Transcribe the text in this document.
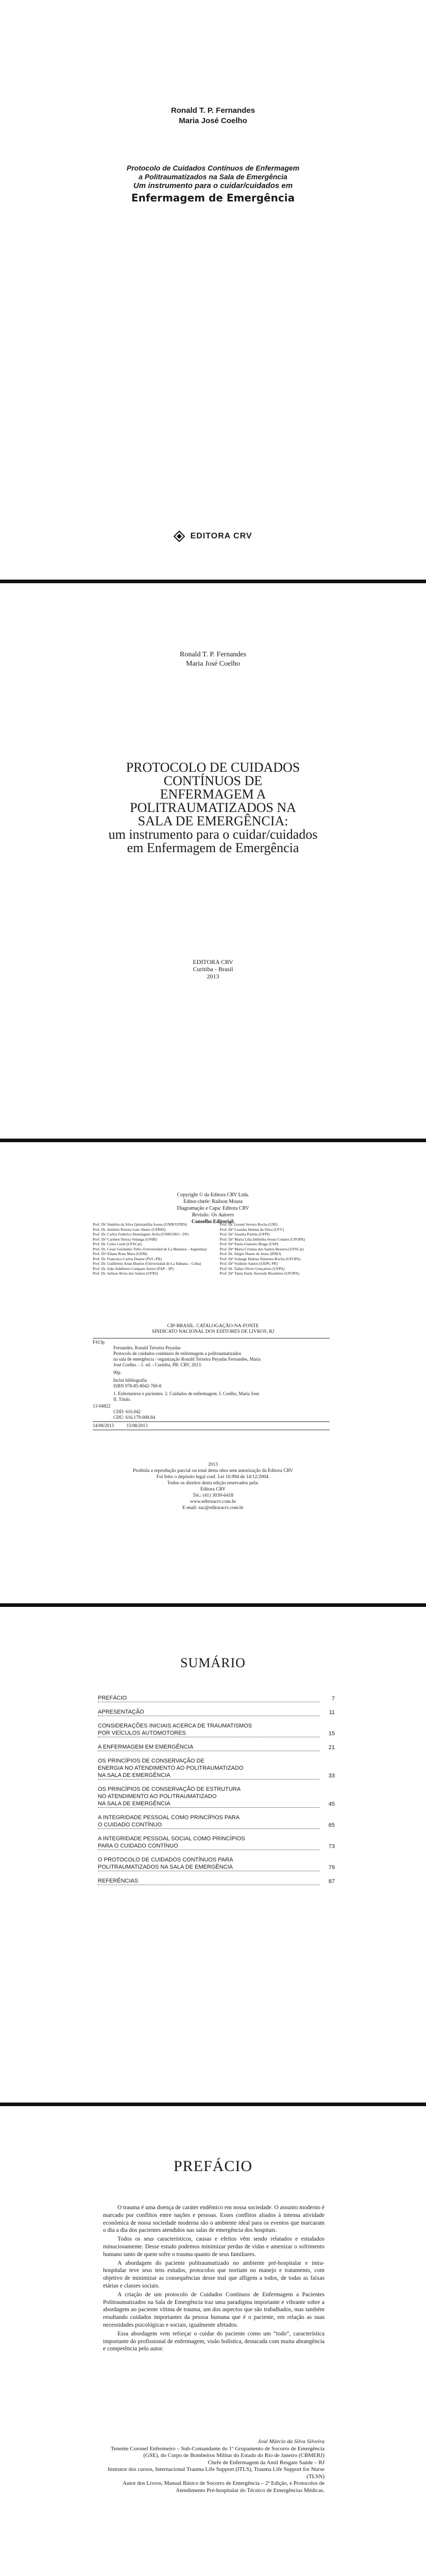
Ronald T. P. Fernandes
Maria José Coelho
Protocolo de Cuidados Contínuos de Enfermagem
a Politraumatizados na Sala de Emergência
Um instrumento para o cuidar/cuidados em
Enfermagem de Emergência
EDITORA CRV
Ronald T. P. Fernandes
Maria José Coelho
PROTOCOLO DE CUIDADOS
CONTÍNUOS DE
ENFERMAGEM A
POLITRAUMATIZADOS NA
SALA DE EMERGÊNCIA:
um instrumento para o cuidar/cuidados
em Enfermagem de Emergência
EDITORA CRV
Curitiba - Brasil
2013
Copyright © da Editora CRV Ltda.
Editor-chefe: Railson Moura
Diagramação e Capa: Editora CRV
Revisão: Os Autores
Conselho Editorial:
Prof. Drª Andréia da Silva Quintanilha Sousa (UNIR/UFRN)
Prof. Dr. Antônio Pereira Gaio Júnior (UFRRJ)
Prof. Dr. Carlos Federico Dominguez Avila (UNIEURO - DF)
Prof. Drª Carmen Tereza Velanga (UNIR)
Prof. Dr. Celso Conti (UFSCar)
Prof. Dr. Cesar Gerónimo Tello (Universidad de La Matanza – Argentina)
Prof. Drª Eliane Rose Maio (UEM)
Prof. Dr. Francisco Carlos Duarte (PUC-PR)
Prof. Dr. Guillermo Arias Beatón (Universidad de La Habana – Cuba)
Prof. Dr. João Adalberto Campato Junior (FAP - SP)
Prof. Dr. Jailson Alves dos Santos (UFRJ)

Prof. Dr. Leonel Severo Rocha (URI)
Prof. Drª Lourdes Helena da Silva (UFV)
Prof. Drª Josania Portela (UFPI)
Prof. Drª Maria Lília Imbiriba Sousa Colares (UFOPA)
Prof. Drª Paola Gianotto Braga (USP)
Prof. Drª Maria Cristina dos Santos Bezerra (UFSCar)
Prof. Dr. Sérgio Nunes de Jesus (IFRO)
Prof. Drª Solange Helena Ximenes-Rocha (UFOPA)
Prof. Drª Sydione Santos (UEPG PR)
Prof. Dr. Tadeu Oliver Gonçalves (UFPA)
Prof. Drª Tania Suely Azevedo Brasileiro (UFOPA)
CIP-BRASIL. CATALOGAÇÃO-NA-FONTE
SINDICATO NACIONAL DOS EDITORES DE LIVROS, RJ
F413p
Fernandes, Ronald Teixeira Peyadas
Protocolo de cuidados contínuos de enfermagem a politraumatizados
na sala de emergência / organização Ronald Teixeira Peyadas Fernandes, Maria
José Coelho. - 1. ed. - Curitiba, PR: CRV, 2013.
90p.
Inclui bibliografia
ISBN 978-85-8042-760-8
1. Enfermeiros e pacientes. 2. Cuidados de enfermagem. I. Coelho, Maria José.
II. Título.
13-04822
CDD: 616.042
CDU: 616.179-008.84
14/08/2013	15/08/2013
2013
Proibida a reprodução parcial ou total desta obra sem autorização da Editora CRV
Foi feito o depósito legal conf. Lei 10.994 de 14/12/2004.
Todos os direitos desta edição reservados pela:
Editora CRV
Tel.: (41) 3039-6418
www.editoracrv.com.br
E-mail: sac@editoracrv.com.br
SUMÁRIO
PREFÁCIO	7
APRESENTAÇÃO	11
CONSIDERAÇÕES INICIAIS ACERCA DE TRAUMATISMOS
POR VEÍCULOS AUTOMOTORES	15
A ENFERMAGEM EM EMERGÊNCIA	21
OS PRINCÍPIOS DE CONSERVAÇÃO DE
ENERGIA NO ATENDIMENTO AO POLITRAUMATIZADO
NA SALA DE EMERGÊNCIA	33
OS PRINCÍPIOS DE CONSERVAÇÃO DE ESTRUTURA
NO ATENDIMENTO AO POLITRAUMATIZADO
NA SALA DE EMERGÊNCIA	45
A INTEGRIDADE PESSOAL COMO PRINCÍPIOS PARA
O CUIDADO CONTÍNUO	65
A INTEGRIDADE PESSOAL SOCIAL COMO PRINCÍPIOS
PARA O CUIDADO CONTÍNUO	73
O PROTOCOLO DE CUIDADOS CONTÍNUOS PARA
POLITRAUMATIZADOS NA SALA DE EMERGÊNCIA	79
REFERÊNCIAS	87
PREFÁCIO

O trauma é uma doença de caráter endêmico em nossa sociedade. O assunto moderno é marcado por conflitos entre nações e pessoas. Esses conflitos aliados à intensa atividade econômica de nossa sociedade moderna são o ambiente ideal para os eventos que marcaram o dia a dia dos pacientes atendidos nas salas de emergência dos hospitais.

Todos os seus característicos, causas e efeitos vêm sendo relatados e estudados minuciosamente. Desse estudo podemos minimizar perdas de vidas e amenizar o sofrimento humano tanto de quem sofre o trauma quanto de seus familiares.

A abordagem do paciente politraumatizado no ambiente pré-hospitalar e intra-hospitalar teve seus tens estudos, protocolos que nortiam no manejo e tratamento, com objetivo de minimizar as consequências desse mal que afligem a todos, de todas as faixas etárias e classes sociais.

A criação de um protocolo de Cuidados Contínuos de Enfermagem a Pacientes Politraumatizados na Sala de Emergência traz uma paradigma importante e vibrante sobre a abordagem ao paciente vítima de trauma, um dos aspectos que são trabalhados, mas também resultando cuidados importantes da pessoa humana que é o paciente, em relação as suas necessidades psicológicas e sociais, igualmente afetados.

Essa abordagem vem reforçar o cuidar do paciente como um “todo”, característica importante do profissional de enfermagem, visão holística, destacada com muita abrangência e competência pelo autor.

José Márcio da Silva Silveira
Tenente Coronel Enfermeiro – Sub-Comandante do 1º Grupamento de Socorro de Emergência (GSE), do Corpo de Bombeiros Militar do Estado do Rio de Janeiro (CBMERJ)
Chefe de Enfermagem da Amil Resgate Saúde – RJ
Instrutor dos cursos, Internacional Trauma Life Support (ITLS), Trauma Life Support for Nurse (TLSN)
Autor dos Livros, Manual Básico de Socorro de Emergência – 2ª Edição, e Protocolos de Atendimento Pré-hospitalar do Técnico de Emergências Médicas.
